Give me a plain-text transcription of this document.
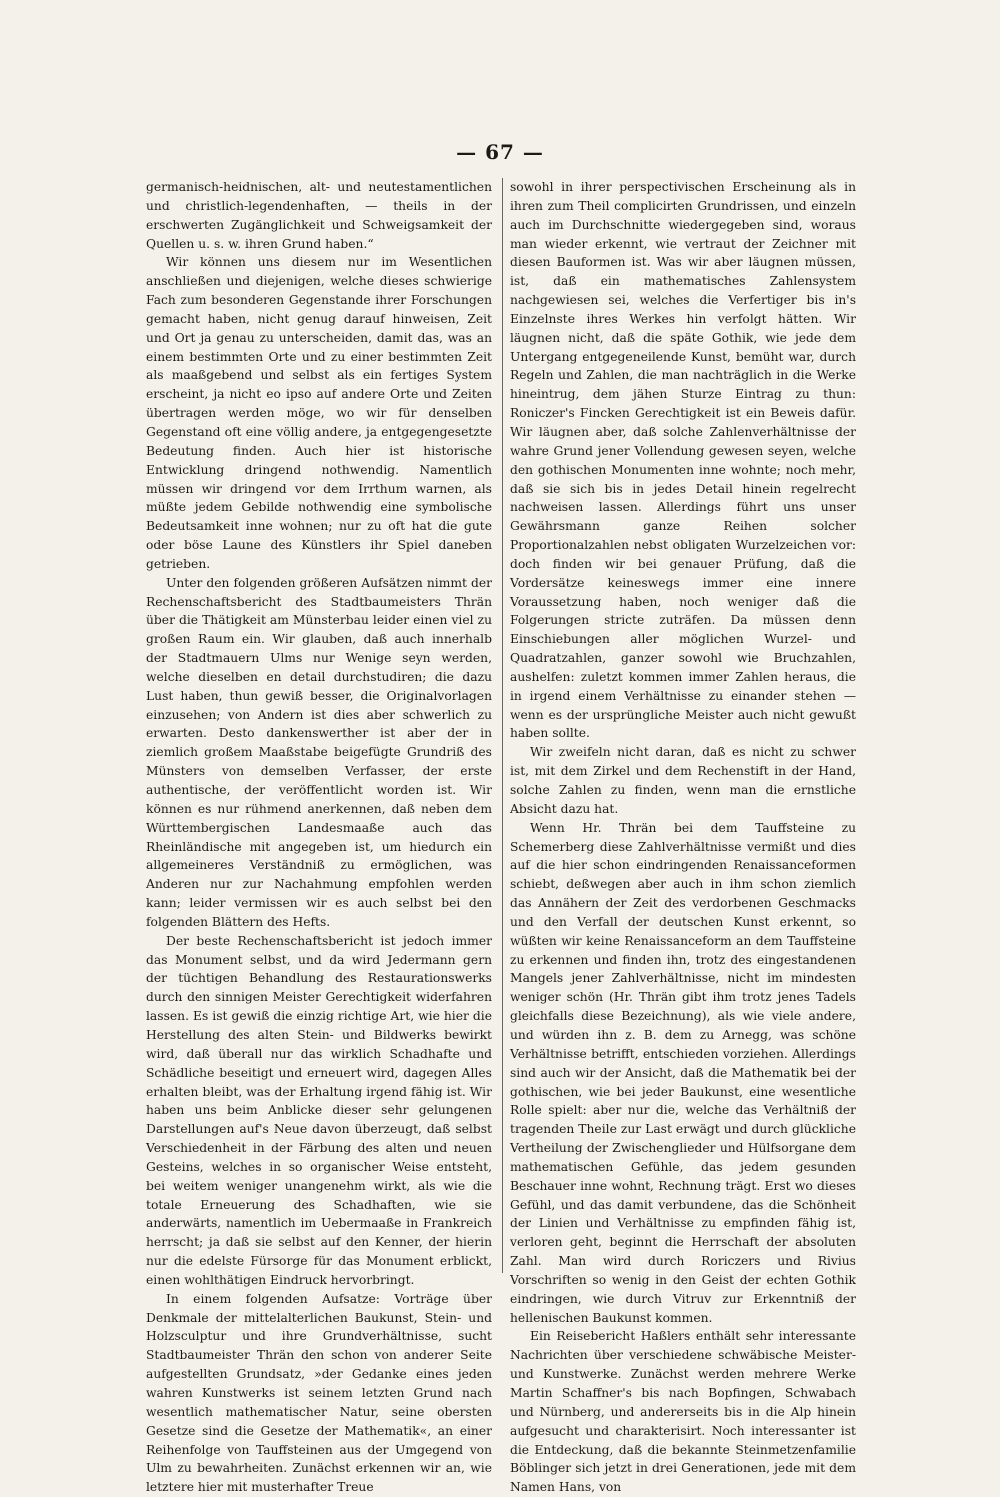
— 67 —

germanisch-heidnischen, alt- und neutestamentlichen und christlich-legendenhaften, — theils in der erschwerten Zugänglichkeit und Schweigsamkeit der Quellen u. s. w. ihren Grund haben.“

Wir können uns diesem nur im Wesentlichen anschließen und diejenigen, welche dieses schwierige Fach zum besonderen Gegenstande ihrer Forschungen gemacht haben, nicht genug darauf hinweisen, Zeit und Ort ja genau zu unterscheiden, damit das, was an einem bestimmten Orte und zu einer bestimmten Zeit als maaßgebend und selbst als ein fertiges System erscheint, ja nicht eo ipso auf andere Orte und Zeiten übertragen werden möge, wo wir für denselben Gegenstand oft eine völlig andere, ja entgegengesetzte Bedeutung finden. Auch hier ist historische Entwicklung dringend nothwendig. Namentlich müssen wir dringend vor dem Irrthum warnen, als müßte jedem Gebilde nothwendig eine symbolische Bedeutsamkeit inne wohnen; nur zu oft hat die gute oder böse Laune des Künstlers ihr Spiel daneben getrieben.

Unter den folgenden größeren Aufsätzen nimmt der Rechenschaftsbericht des Stadtbaumeisters Thrän über die Thätigkeit am Münsterbau leider einen viel zu großen Raum ein. Wir glauben, daß auch innerhalb der Stadtmauern Ulms nur Wenige seyn werden, welche dieselben en detail durchstudiren; die dazu Lust haben, thun gewiß besser, die Originalvorlagen einzusehen; von Andern ist dies aber schwerlich zu erwarten. Desto dankenswerther ist aber der in ziemlich großem Maaßstabe beigefügte Grundriß des Münsters von demselben Verfasser, der erste authentische, der veröffentlicht worden ist. Wir können es nur rühmend anerkennen, daß neben dem Württembergischen Landesmaaße auch das Rheinländische mit angegeben ist, um hiedurch ein allgemeineres Verständniß zu ermöglichen, was Anderen nur zur Nachahmung empfohlen werden kann; leider vermissen wir es auch selbst bei den folgenden Blättern des Hefts.

Der beste Rechenschaftsbericht ist jedoch immer das Monument selbst, und da wird Jedermann gern der tüchtigen Behandlung des Restaurationswerks durch den sinnigen Meister Gerechtigkeit widerfahren lassen. Es ist gewiß die einzig richtige Art, wie hier die Herstellung des alten Stein- und Bildwerks bewirkt wird, daß überall nur das wirklich Schadhafte und Schädliche beseitigt und erneuert wird, dagegen Alles erhalten bleibt, was der Erhaltung irgend fähig ist. Wir haben uns beim Anblicke dieser sehr gelungenen Darstellungen auf's Neue davon überzeugt, daß selbst Verschiedenheit in der Färbung des alten und neuen Gesteins, welches in so organischer Weise entsteht, bei weitem weniger unangenehm wirkt, als wie die totale Erneuerung des Schadhaften, wie sie anderwärts, namentlich im Uebermaaße in Frankreich herrscht; ja daß sie selbst auf den Kenner, der hierin nur die edelste Fürsorge für das Monument erblickt, einen wohlthätigen Eindruck hervorbringt.

In einem folgenden Aufsatze: Vorträge über Denkmale der mittelalterlichen Baukunst, Stein- und Holzsculptur und ihre Grundverhältnisse, sucht Stadtbaumeister Thrän den schon von anderer Seite aufgestellten Grundsatz, »der Gedanke eines jeden wahren Kunstwerks ist seinem letzten Grund nach wesentlich mathematischer Natur, seine obersten Gesetze sind die Gesetze der Mathematik«, an einer Reihenfolge von Tauffsteinen aus der Umgegend von Ulm zu bewahrheiten. Zunächst erkennen wir an, wie letztere hier mit musterhafter Treue

sowohl in ihrer perspectivischen Erscheinung als in ihren zum Theil complicirten Grundrissen, und einzeln auch im Durchschnitte wiedergegeben sind, woraus man wieder erkennt, wie vertraut der Zeichner mit diesen Bauformen ist. Was wir aber läugnen müssen, ist, daß ein mathematisches Zahlensystem nachgewiesen sei, welches die Verfertiger bis in's Einzelnste ihres Werkes hin verfolgt hätten. Wir läugnen nicht, daß die späte Gothik, wie jede dem Untergang entgegeneilende Kunst, bemüht war, durch Regeln und Zahlen, die man nachträglich in die Werke hineintrug, dem jähen Sturze Eintrag zu thun: Roniczer's Fincken Gerechtigkeit ist ein Beweis dafür. Wir läugnen aber, daß solche Zahlenverhältnisse der wahre Grund jener Vollendung gewesen seyen, welche den gothischen Monumenten inne wohnte; noch mehr, daß sie sich bis in jedes Detail hinein regelrecht nachweisen lassen. Allerdings führt uns unser Gewährsmann ganze Reihen solcher Proportionalzahlen nebst obligaten Wurzelzeichen vor: doch finden wir bei genauer Prüfung, daß die Vordersätze keineswegs immer eine innere Voraussetzung haben, noch weniger daß die Folgerungen stricte zuträfen. Da müssen denn Einschiebungen aller möglichen Wurzel- und Quadratzahlen, ganzer sowohl wie Bruchzahlen, aushelfen: zuletzt kommen immer Zahlen heraus, die in irgend einem Verhältnisse zu einander stehen — wenn es der ursprüngliche Meister auch nicht gewußt haben sollte.

Wir zweifeln nicht daran, daß es nicht zu schwer ist, mit dem Zirkel und dem Rechenstift in der Hand, solche Zahlen zu finden, wenn man die ernstliche Absicht dazu hat.

Wenn Hr. Thrän bei dem Tauffsteine zu Schemerberg diese Zahlverhältnisse vermißt und dies auf die hier schon eindringenden Renaissanceformen schiebt, deßwegen aber auch in ihm schon ziemlich das Annähern der Zeit des verdorbenen Geschmacks und den Verfall der deutschen Kunst erkennt, so wüßten wir keine Renaissanceform an dem Tauffsteine zu erkennen und finden ihn, trotz des eingestandenen Mangels jener Zahlverhältnisse, nicht im mindesten weniger schön (Hr. Thrän gibt ihm trotz jenes Tadels gleichfalls diese Bezeichnung), als wie viele andere, und würden ihn z. B. dem zu Arnegg, was schöne Verhältnisse betrifft, entschieden vorziehen. Allerdings sind auch wir der Ansicht, daß die Mathematik bei der gothischen, wie bei jeder Baukunst, eine wesentliche Rolle spielt: aber nur die, welche das Verhältniß der tragenden Theile zur Last erwägt und durch glückliche Vertheilung der Zwischenglieder und Hülfsorgane dem mathematischen Gefühle, das jedem gesunden Beschauer inne wohnt, Rechnung trägt. Erst wo dieses Gefühl, und das damit verbundene, das die Schönheit der Linien und Verhältnisse zu empfinden fähig ist, verloren geht, beginnt die Herrschaft der absoluten Zahl. Man wird durch Roriczers und Rivius Vorschriften so wenig in den Geist der echten Gothik eindringen, wie durch Vitruv zur Erkenntniß der hellenischen Baukunst kommen.

Ein Reisebericht Haßlers enthält sehr interessante Nachrichten über verschiedene schwäbische Meister- und Kunstwerke. Zunächst werden mehrere Werke Martin Schaffner's bis nach Bopfingen, Schwabach und Nürnberg, und andererseits bis in die Alp hinein aufgesucht und charakterisirt. Noch interessanter ist die Entdeckung, daß die bekannte Steinmetzenfamilie Böblinger sich jetzt in drei Generationen, jede mit dem Namen Hans, von
